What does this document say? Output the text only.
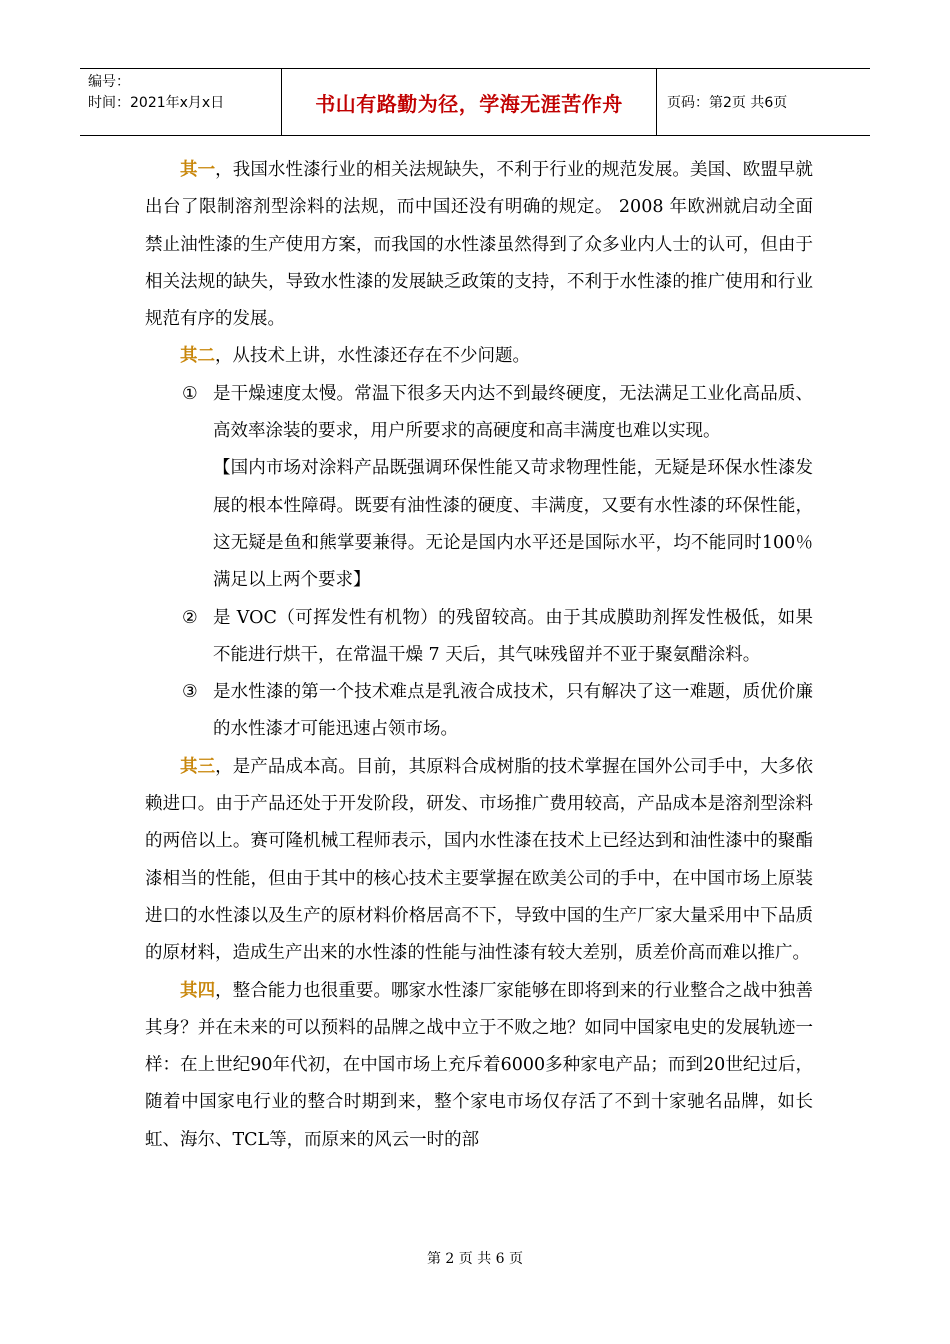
编号：
时间：2021年x月x日	书山有路勤为径，学海无涯苦作舟	页码：第2页 共6页

其一，我国水性漆行业的相关法规缺失，不利于行业的规范发展。美国、欧盟早就出台了限制溶剂型涂料的法规，而中国还没有明确的规定。 2008 年欧洲就启动全面禁止油性漆的生产使用方案，而我国的水性漆虽然得到了众多业内人士的认可，但由于相关法规的缺失，导致水性漆的发展缺乏政策的支持，不利于水性漆的推广使用和行业规范有序的发展。

其二，从技术上讲，水性漆还存在不少问题。

① 是干燥速度太慢。常温下很多天内达不到最终硬度，无法满足工业化高品质、高效率涂装的要求，用户所要求的高硬度和高丰满度也难以实现。

【国内市场对涂料产品既强调环保性能又苛求物理性能，无疑是环保水性漆发展的根本性障碍。既要有油性漆的硬度、丰满度，又要有水性漆的环保性能，这无疑是鱼和熊掌要兼得。无论是国内水平还是国际水平，均不能同时100％满足以上两个要求】

② 是 VOC（可挥发性有机物）的残留较高。由于其成膜助剂挥发性极低，如果不能进行烘干，在常温干燥 7 天后，其气味残留并不亚于聚氨醋涂料。

③ 是水性漆的第一个技术难点是乳液合成技术，只有解决了这一难题，质优价廉的水性漆才可能迅速占领市场。

其三，是产品成本高。目前，其原料合成树脂的技术掌握在国外公司手中，大多依赖进口。由于产品还处于开发阶段，研发、市场推广费用较高，产品成本是溶剂型涂料的两倍以上。赛可隆机械工程师表示，国内水性漆在技术上已经达到和油性漆中的聚酯漆相当的性能，但由于其中的核心技术主要掌握在欧美公司的手中，在中国市场上原装进口的水性漆以及生产的原材料价格居高不下，导致中国的生产厂家大量采用中下品质的原材料，造成生产出来的水性漆的性能与油性漆有较大差别，质差价高而难以推广。

其四，整合能力也很重要。哪家水性漆厂家能够在即将到来的行业整合之战中独善其身？并在未来的可以预料的品牌之战中立于不败之地？如同中国家电史的发展轨迹一样：在上世纪90年代初，在中国市场上充斥着6000多种家电产品；而到20世纪过后，随着中国家电行业的整合时期到来，整个家电市场仅存活了不到十家驰名品牌，如长虹、海尔、TCL等，而原来的风云一时的部

第 2 页 共 6 页
